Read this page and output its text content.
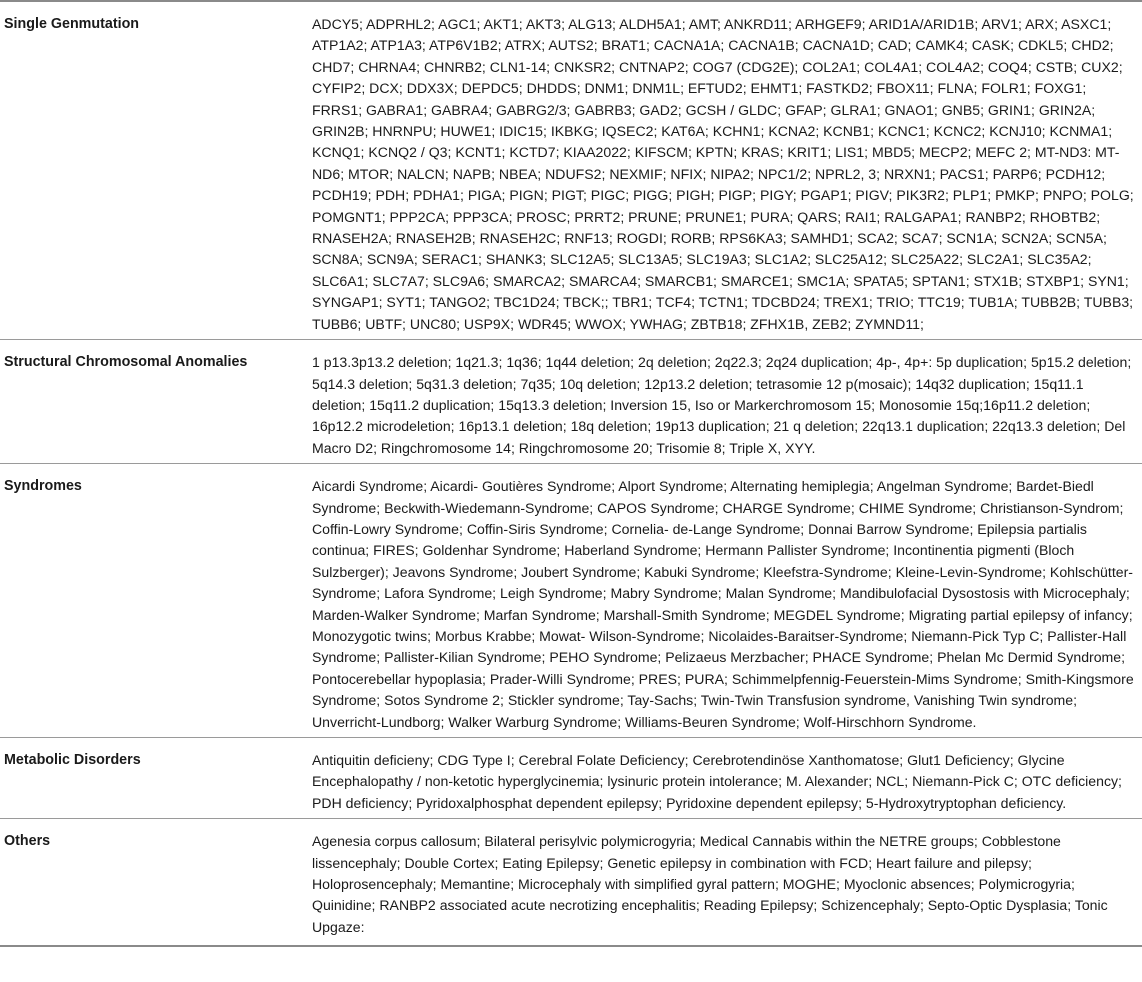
Single Genmutation	ADCY5; ADPRHL2; AGC1; AKT1; AKT3; ALG13; ALDH5A1; AMT; ANKRD11; ARHGEF9; ARID1A/ARID1B; ARV1; ARX; ASXC1; ATP1A2; ATP1A3; ATP6V1B2; ATRX; AUTS2; BRAT1; CACNA1A; CACNA1B; CACNA1D; CAD; CAMK4; CASK; CDKL5; CHD2; CHD7; CHRNA4; CHNRB2; CLN1-14; CNKSR2; CNTNAP2; COG7 (CDG2E); COL2A1; COL4A1; COL4A2; COQ4; CSTB; CUX2; CYFIP2; DCX; DDX3X; DEPDC5; DHDDS; DNM1; DNM1L; EFTUD2; EHMT1; FASTKD2; FBOX11; FLNA; FOLR1; FOXG1; FRRS1; GABRA1; GABRA4; GABRG2/3; GABRB3; GAD2; GCSH / GLDC; GFAP; GLRA1; GNAO1; GNB5; GRIN1; GRIN2A; GRIN2B; HNRNPU; HUWE1; IDIC15; IKBKG; IQSEC2; KAT6A; KCHN1; KCNA2; KCNB1; KCNC1; KCNC2; KCNJ10; KCNMA1; KCNQ1; KCNQ2 / Q3; KCNT1; KCTD7; KIAA2022; KIFSCM; KPTN; KRAS; KRIT1; LIS1; MBD5; MECP2; MEFC 2; MT-ND3: MT-ND6; MTOR; NALCN; NAPB; NBEA; NDUFS2; NEXMIF; NFIX; NIPA2; NPC1/2; NPRL2, 3; NRXN1; PACS1; PARP6; PCDH12; PCDH19; PDH; PDHA1; PIGA; PIGN; PIGT; PIGC; PIGG; PIGH; PIGP; PIGY; PGAP1; PIGV; PIK3R2; PLP1; PMKP; PNPO; POLG; POMGNT1; PPP2CA; PPP3CA; PROSC; PRRT2; PRUNE; PRUNE1; PURA; QARS; RAI1; RALGAPA1; RANBP2; RHOBTB2; RNASEH2A; RNASEH2B; RNASEH2C; RNF13; ROGDI; RORB; RPS6KA3; SAMHD1; SCA2; SCA7; SCN1A; SCN2A; SCN5A; SCN8A; SCN9A; SERAC1; SHANK3; SLC12A5; SLC13A5; SLC19A3; SLC1A2; SLC25A12; SLC25A22; SLC2A1; SLC35A2; SLC6A1; SLC7A7; SLC9A6; SMARCA2; SMARCA4; SMARCB1; SMARCE1; SMC1A; SPATA5; SPTAN1; STX1B; STXBP1; SYN1; SYNGAP1; SYT1; TANGO2; TBC1D24; TBCK;; TBR1; TCF4; TCTN1; TDCBD24; TREX1; TRIO; TTC19; TUB1A; TUBB2B; TUBB3; TUBB6; UBTF; UNC80; USP9X; WDR45; WWOX; YWHAG; ZBTB18; ZFHX1B, ZEB2; ZYMND11;
Structural Chromosomal Anomalies	1 p13.3p13.2 deletion; 1q21.3; 1q36; 1q44 deletion; 2q deletion; 2q22.3; 2q24 duplication; 4p-, 4p+: 5p duplication; 5p15.2 deletion; 5q14.3 deletion; 5q31.3 deletion; 7q35; 10q deletion; 12p13.2 deletion; tetrasomie 12 p(mosaic); 14q32 duplication; 15q11.1 deletion; 15q11.2 duplication; 15q13.3 deletion; Inversion 15, Iso or Markerchromosom 15; Monosomie 15q;16p11.2 deletion; 16p12.2 microdeletion; 16p13.1 deletion; 18q deletion; 19p13 duplication; 21 q deletion; 22q13.1 duplication; 22q13.3 deletion; Del Macro D2; Ringchromosome 14; Ringchromosome 20; Trisomie 8; Triple X, XYY.
Syndromes	Aicardi Syndrome; Aicardi- Goutières Syndrome; Alport Syndrome; Alternating hemiplegia; Angelman Syndrome; Bardet-Biedl Syndrome; Beckwith-Wiedemann-Syndrome; CAPOS Syndrome; CHARGE Syndrome; CHIME Syndrome; Christianson-Syndrom; Coffin-Lowry Syndrome; Coffin-Siris Syndrome; Cornelia- de-Lange Syndrome; Donnai Barrow Syndrome; Epilepsia partialis continua; FIRES; Goldenhar Syndrome; Haberland Syndrome; Hermann Pallister Syndrome; Incontinentia pigmenti (Bloch Sulzberger); Jeavons Syndrome; Joubert Syndrome; Kabuki Syndrome; Kleefstra-Syndrome; Kleine-Levin-Syndrome; Kohlschütter-Syndrome; Lafora Syndrome; Leigh Syndrome; Mabry Syndrome; Malan Syndrome; Mandibulofacial Dysostosis with Microcephaly; Marden-Walker Syndrome; Marfan Syndrome; Marshall-Smith Syndrome; MEGDEL Syndrome; Migrating partial epilepsy of infancy; Monozygotic twins; Morbus Krabbe; Mowat- Wilson-Syndrome; Nicolaides-Baraitser-Syndrome; Niemann-Pick Typ C; Pallister-Hall Syndrome; Pallister-Kilian Syndrome; PEHO Syndrome; Pelizaeus Merzbacher; PHACE Syndrome; Phelan Mc Dermid Syndrome; Pontocerebellar hypoplasia; Prader-Willi Syndrome; PRES; PURA; Schimmelpfennig-Feuerstein-Mims Syndrome; Smith-Kingsmore Syndrome; Sotos Syndrome 2; Stickler syndrome; Tay-Sachs; Twin-Twin Transfusion syndrome, Vanishing Twin syndrome; Unverricht-Lundborg; Walker Warburg Syndrome; Williams-Beuren Syndrome; Wolf-Hirschhorn Syndrome.
Metabolic Disorders	Antiquitin deficieny; CDG Type I; Cerebral Folate Deficiency; Cerebrotendinöse Xanthomatose; Glut1 Deficiency; Glycine Encephalopathy / non-ketotic hyperglycinemia; lysinuric protein intolerance; M. Alexander; NCL; Niemann-Pick C; OTC deficiency; PDH deficiency; Pyridoxalphosphat dependent epilepsy; Pyridoxine dependent epilepsy; 5-Hydroxytryptophan deficiency.
Others	Agenesia corpus callosum; Bilateral perisylvic polymicrogyria; Medical Cannabis within the NETRE groups; Cobblestone lissencephaly; Double Cortex; Eating Epilepsy; Genetic epilepsy in combination with FCD; Heart failure and pilepsy; Holoprosencephaly; Memantine; Microcephaly with simplified gyral pattern; MOGHE; Myoclonic absences; Polymicrogyria; Quinidine; RANBP2 associated acute necrotizing encephalitis; Reading Epilepsy; Schizencephaly; Septo-Optic Dysplasia; Tonic Upgaze:
